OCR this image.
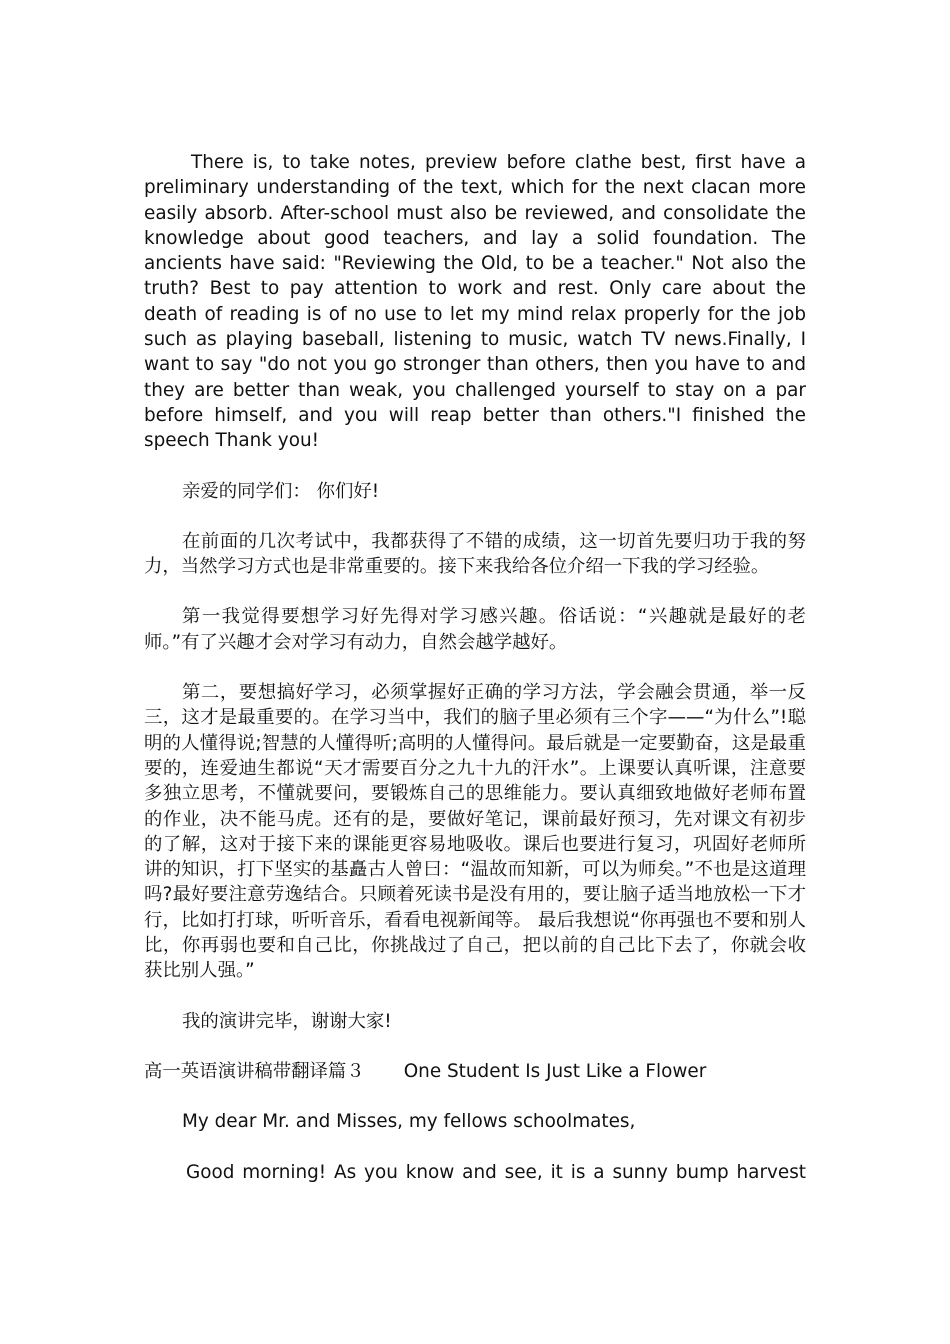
There is, to take notes, preview before clathe best, first have a preliminary understanding of the text, which for the next clacan more easily absorb. After-school must also be reviewed, and consolidate the knowledge about good teachers, and lay a solid foundation. The ancients have said: "Reviewing the Old, to be a teacher." Not also the truth? Best to pay attention to work and rest. Only care about the death of reading is of no use to let my mind relax properly for the job such as playing baseball, listening to music, watch TV news.Finally, I want to say "do not you go stronger than others, then you have to and they are better than weak, you challenged yourself to stay on a par before himself, and you will reap better than others."I finished the speech Thank you!

亲爱的同学们： 你们好!

在前面的几次考试中，我都获得了不错的成绩，这一切首先要归功于我的努力，当然学习方式也是非常重要的。接下来我给各位介绍一下我的学习经验。

第一我觉得要想学习好先得对学习感兴趣。俗话说：“兴趣就是最好的老师。”有了兴趣才会对学习有动力，自然会越学越好。

第二，要想搞好学习，必须掌握好正确的学习方法，学会融会贯通，举一反三，这才是最重要的。在学习当中，我们的脑子里必须有三个字——“为什么”!聪明的人懂得说;智慧的人懂得听;高明的人懂得问。最后就是一定要勤奋，这是最重要的，连爱迪生都说“天才需要百分之九十九的汗水”。上课要认真听课，注意要多独立思考，不懂就要问，要锻炼自己的思维能力。要认真细致地做好老师布置的作业，决不能马虎。还有的是，要做好笔记，课前最好预习，先对课文有初步的了解，这对于接下来的课能更容易地吸收。课后也要进行复习，巩固好老师所讲的知识，打下坚实的基矗古人曾曰：“温故而知新，可以为师矣。”不也是这道理吗?最好要注意劳逸结合。只顾着死读书是没有用的，要让脑子适当地放松一下才行，比如打打球，听听音乐，看看电视新闻等。 最后我想说“你再强也不要和别人比，你再弱也要和自己比，你挑战过了自己，把以前的自己比下去了，你就会收获比别人强。”

我的演讲完毕，谢谢大家!

高一英语演讲稿带翻译篇３ One Student Is Just Like a Flower

My dear Mr. and Misses, my fellows schoolmates,

Good morning! As you know and see, it is a sunny bump harvest
